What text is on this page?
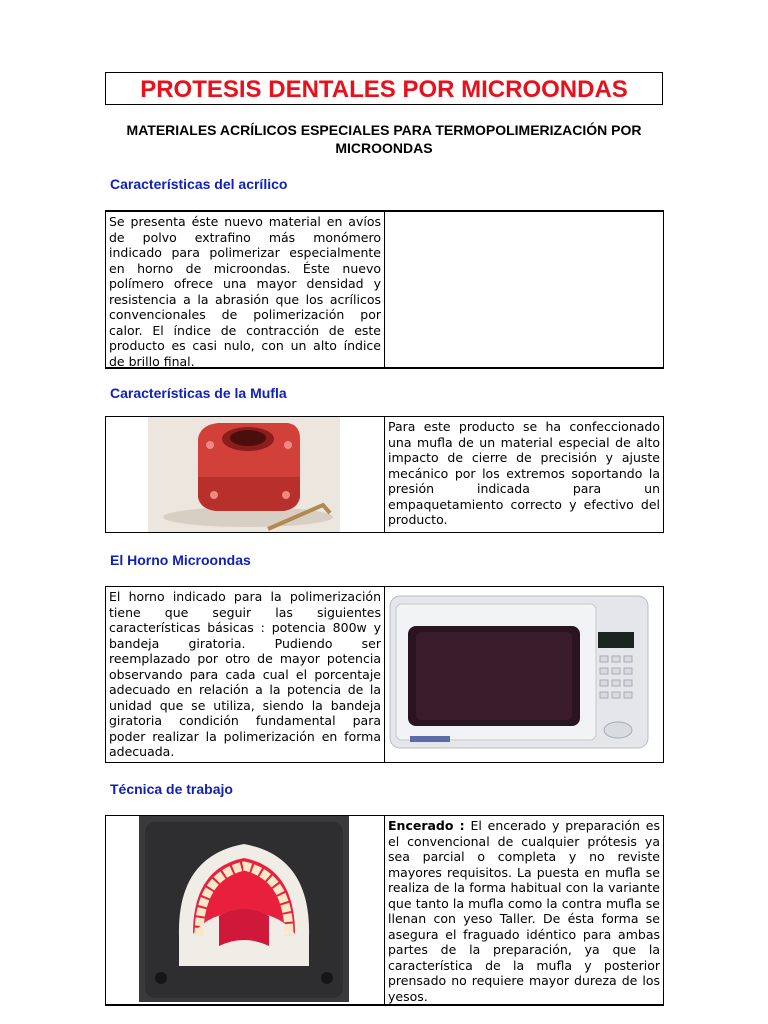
PROTESIS DENTALES POR MICROONDAS
MATERIALES ACRÍLICOS ESPECIALES PARA TERMOPOLIMERIZACIÓN POR MICROONDAS
Características del acrílico
Se presenta éste nuevo material en avíos de polvo extrafino más monómero indicado para polimerizar especialmente en horno de microondas. Éste nuevo polímero ofrece una mayor densidad y resistencia a la abrasión que los acrílicos convencionales de polimerización por calor. El índice de contracción de este producto es casi nulo, con un alto índice de brillo final.
Características de la Mufla
Para este producto se ha confeccionado una mufla de un material especial de alto impacto de cierre de precisión y ajuste mecánico por los extremos soportando la presión indicada para un empaquetamiento correcto y efectivo del producto.
El Horno Microondas
El horno indicado para la polimerización tiene que seguir las siguientes características básicas : potencia 800w y bandeja giratoria. Pudiendo ser reemplazado por otro de mayor potencia observando para cada cual el porcentaje adecuado en relación a la potencia de la unidad que se utiliza, siendo la bandeja giratoria condición fundamental para poder realizar la polimerización en forma adecuada.
Técnica de trabajo
Encerado : El encerado y preparación es el convencional de cualquier prótesis ya sea parcial o completa y no reviste mayores requisitos. La puesta en mufla se realiza de la forma habitual con la variante que tanto la mufla como la contra mufla se llenan con yeso Taller. De ésta forma se asegura el fraguado idéntico para ambas partes de la preparación, ya que la característica de la mufla y posterior prensado no requiere mayor dureza de los yesos.
